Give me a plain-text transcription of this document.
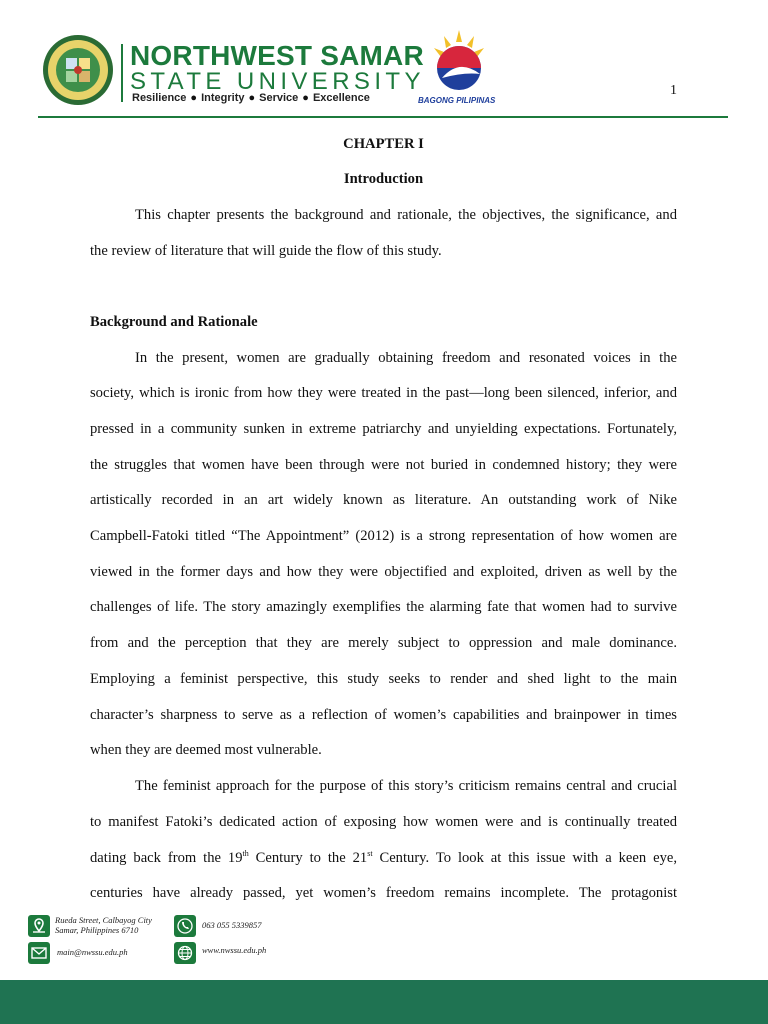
NORTHWEST SAMAR
STATE UNIVERSITY
Resilience ● Integrity ● Service ● Excellence	BAGONG PILIPINAS
1
CHAPTER I
Introduction
This chapter presents the background and rationale, the objectives, the significance, and
the review of literature that will guide the flow of this study.
Background and Rationale
In the present, women are gradually obtaining freedom and resonated voices in the
society, which is ironic from how they were treated in the past—long been silenced, inferior, and
pressed in a community sunken in extreme patriarchy and unyielding expectations. Fortunately,
the struggles that women have been through were not buried in condemned history; they were
artistically recorded in an art widely known as literature. An outstanding work of Nike
Campbell-Fatoki titled “The Appointment” (2012) is a strong representation of how women are
viewed in the former days and how they were objectified and exploited, driven as well by the
challenges of life. The story amazingly exemplifies the alarming fate that women had to survive
from and the perception that they are merely subject to oppression and male dominance.
Employing a feminist perspective, this study seeks to render and shed light to the main
character’s sharpness to serve as a reflection of women’s capabilities and brainpower in times
when they are deemed most vulnerable.
The feminist approach for the purpose of this story’s criticism remains central and crucial
to manifest Fatoki’s dedicated action of exposing how women were and is continually treated
dating back from the 19th Century to the 21st Century. To look at this issue with a keen eye,
centuries have already passed, yet women’s freedom remains incomplete. The protagonist
Rueda Street, Calbayog City
Samar, Philippines 6710
main@nwssu.edu.ph
063 055 5339857
www.nwssu.edu.ph
